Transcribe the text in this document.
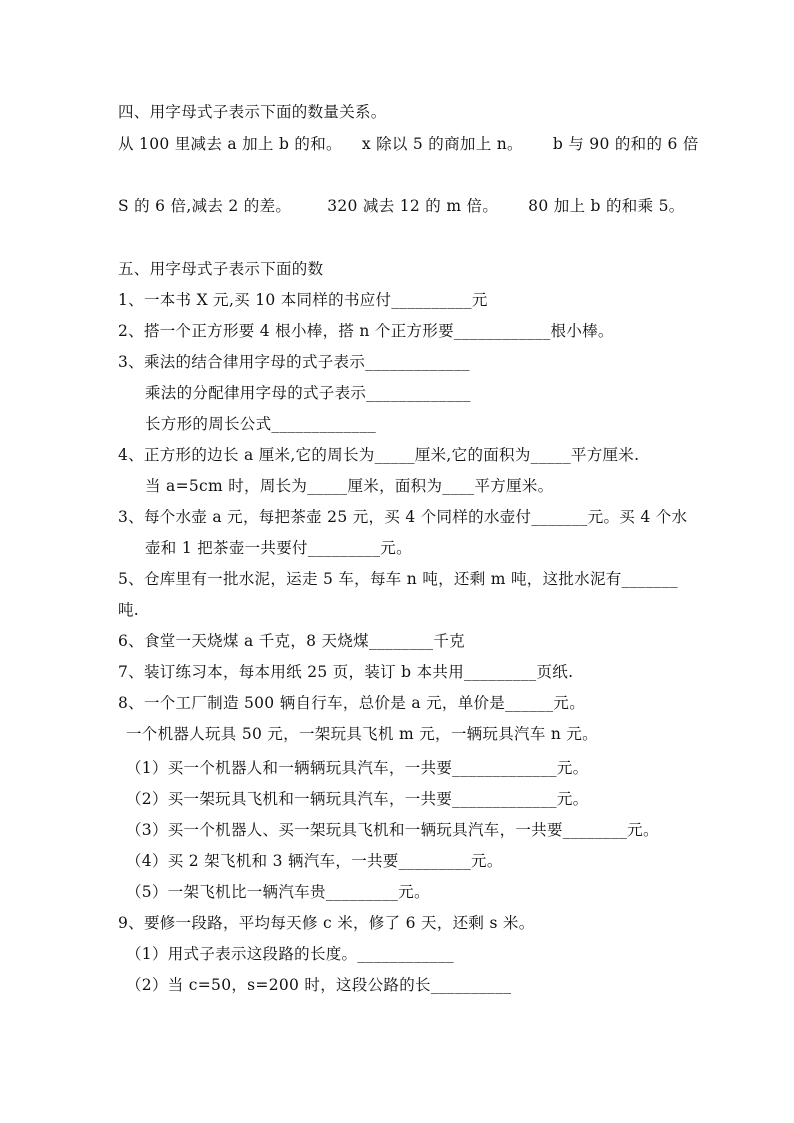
四、用字母式子表示下面的数量关系。
从 100 里减去 a 加上 b 的和。 x 除以 5 的商加上 n。 b 与 90 的和的 6 倍
S 的 6 倍,减去 2 的差。 320 减去 12 的 m 倍。 80 加上 b 的和乘 5。
五、用字母式子表示下面的数
1、一本书 X 元,买 10 本同样的书应付__________元
2、搭一个正方形要 4 根小棒，搭 n 个正方形要____________根小棒。
3、乘法的结合律用字母的式子表示_____________
乘法的分配律用字母的式子表示_____________
长方形的周长公式_____________
4、正方形的边长 a 厘米,它的周长为_____厘米,它的面积为_____平方厘米.
当 a=5cm 时，周长为_____厘米，面积为____平方厘米。
3、每个水壶 a 元，每把茶壶 25 元，买 4 个同样的水壶付_______元。买 4 个水
壶和 1 把茶壶一共要付_________元。
5、仓库里有一批水泥，运走 5 车，每车 n 吨，还剩 m 吨，这批水泥有_______
吨.
6、食堂一天烧煤 a 千克，8 天烧煤________千克
7、装订练习本，每本用纸 25 页，装订 b 本共用_________页纸.
8、一个工厂制造 500 辆自行车，总价是 a 元，单价是______元。
一个机器人玩具 50 元，一架玩具飞机 m 元，一辆玩具汽车 n 元。
（1）买一个机器人和一辆辆玩具汽车，一共要_____________元。
（2）买一架玩具飞机和一辆玩具汽车，一共要_____________元。
（3）买一个机器人、买一架玩具飞机和一辆玩具汽车，一共要________元。
（4）买 2 架飞机和 3 辆汽车，一共要_________元。
（5）一架飞机比一辆汽车贵_________元。
9、要修一段路，平均每天修 c 米，修了 6 天，还剩 s 米。
（1）用式子表示这段路的长度。____________
（2）当 c=50，s=200 时，这段公路的长__________
